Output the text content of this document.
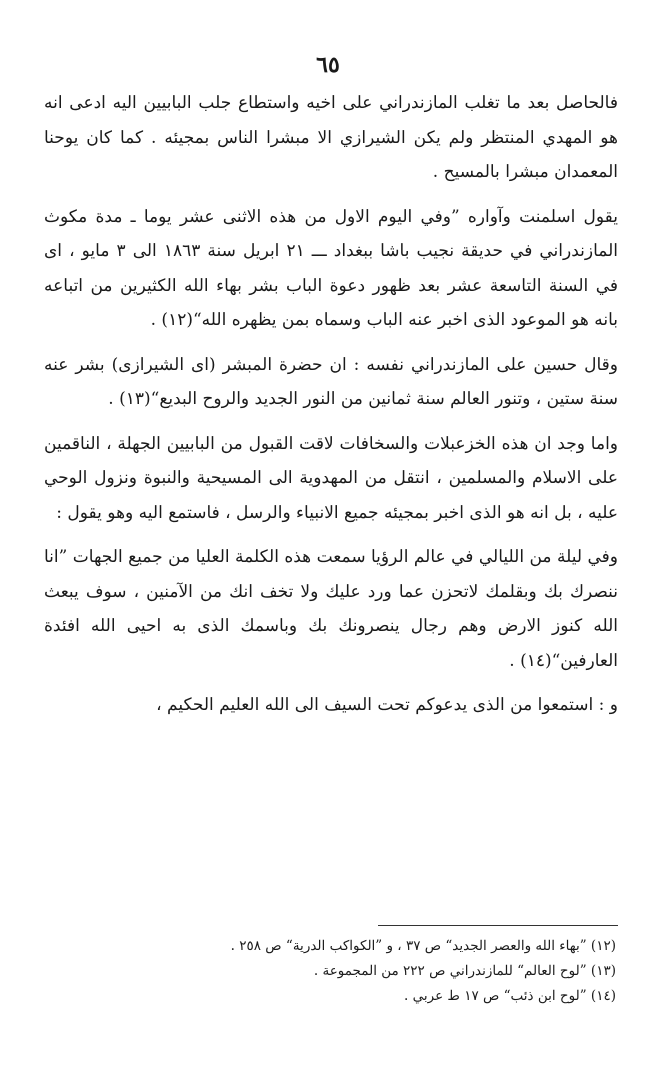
٦٥

فالحاصل بعد ما تغلب المازندراني على اخيه واستطاع جلب البابيين اليه ادعى انه هو المهدي المنتظر ولم يكن الشيرازي الا مبشرا الناس بمجيئه . كما كان يوحنا المعمدان مبشرا بالمسيح .

يقول اسلمنت وآواره ”وفي اليوم الاول من هذه الاثنى عشر يوما ـ مدة مكوث المازندراني في حديقة نجيب باشا ببغداد ـــ ٢١ ابريل سنة ١٨٦٣ الى ٣ مايو ، اى في السنة التاسعة عشر بعد ظهور دعوة الباب بشر بهاء الله الكثيرين من اتباعه بانه هو الموعود الذى اخبر عنه الباب وسماه بمن يظهره الله“(١٢) .

وقال حسين على المازندراني نفسه : ان حضرة المبشر (اى الشيرازى) بشر عنه سنة ستين ، وتنور العالم سنة ثمانين من النور الجديد والروح البديع“(١٣) .

واما وجد ان هذه الخزعبلات والسخافات لاقت القبول من البابيين الجهلة ، الناقمين على الاسلام والمسلمين ، انتقل من المهدوية الى المسيحية والنبوة ونزول الوحي عليه ، بل انه هو الذى اخبر بمجيئه جميع الانبياء والرسل ، فاستمع اليه وهو يقول :

وفي ليلة من الليالي في عالم الرؤيا سمعت هذه الكلمة العليا من جميع الجهات ”انا ننصرك بك وبقلمك لاتحزن عما ورد عليك ولا تخف انك من الآمنين ، سوف يبعث الله كنوز الارض وهم رجال ينصرونك بك وباسمك الذى به احيى الله افئدة العارفين“(١٤) .

و : استمعوا من الذى يدعوكم تحت السيف الى الله العليم الحكيم ،

(١٢) ”بهاء الله والعصر الجديد“ ص ٣٧ ، و ”الكواكب الدرية“ ص ٢٥٨ .
(١٣) ”لوح العالم“ للمازندراني ص ٢٢٢ من المجموعة .
(١٤) ”لوح ابن ذئب“ ص ١٧ ط عربي .
